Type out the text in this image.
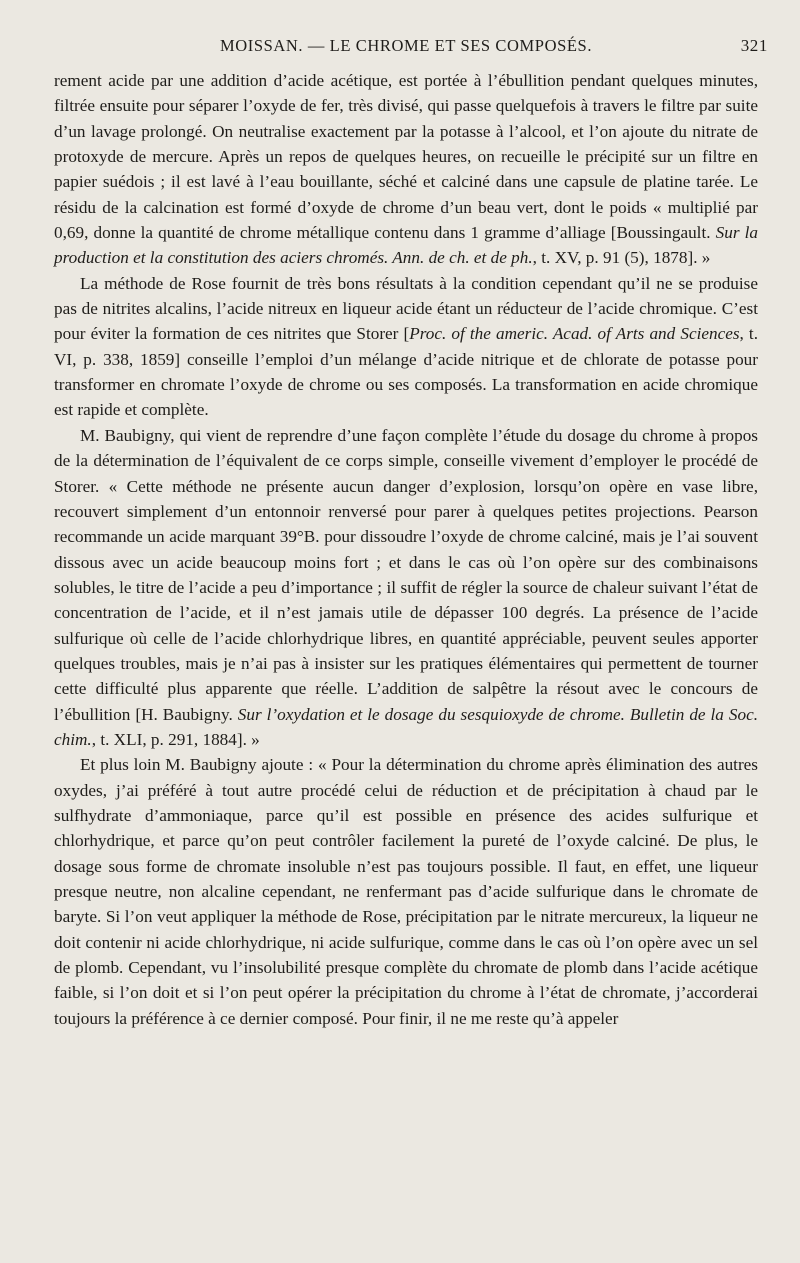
MOISSAN. — LE CHROME ET SES COMPOSÉS.	321

rement acide par une addition d’acide acétique, est portée à l’ébullition pendant quelques minutes, filtrée ensuite pour séparer l’oxyde de fer, très divisé, qui passe quelquefois à travers le filtre par suite d’un lavage prolongé. On neutralise exactement par la potasse à l’alcool, et l’on ajoute du nitrate de protoxyde de mercure. Après un repos de quelques heures, on recueille le précipité sur un filtre en papier suédois ; il est lavé à l’eau bouillante, séché et calciné dans une capsule de platine tarée. Le résidu de la calcination est formé d’oxyde de chrome d’un beau vert, dont le poids « multiplié par 0,69, donne la quantité de chrome métallique contenu dans 1 gramme d’alliage [Boussingault. Sur la production et la constitution des aciers chromés. Ann. de ch. et de ph., t. XV, p. 91 (5), 1878]. »

La méthode de Rose fournit de très bons résultats à la condition cependant qu’il ne se produise pas de nitrites alcalins, l’acide nitreux en liqueur acide étant un réducteur de l’acide chromique. C’est pour éviter la formation de ces nitrites que Storer [Proc. of the americ. Acad. of Arts and Sciences, t. VI, p. 338, 1859] conseille l’emploi d’un mélange d’acide nitrique et de chlorate de potasse pour transformer en chromate l’oxyde de chrome ou ses composés. La transformation en acide chromique est rapide et complète.

M. Baubigny, qui vient de reprendre d’une façon complète l’étude du dosage du chrome à propos de la détermination de l’équivalent de ce corps simple, conseille vivement d’employer le procédé de Storer. « Cette méthode ne présente aucun danger d’explosion, lorsqu’on opère en vase libre, recouvert simplement d’un entonnoir renversé pour parer à quelques petites projections. Pearson recommande un acide marquant 39°B. pour dissoudre l’oxyde de chrome calciné, mais je l’ai souvent dissous avec un acide beaucoup moins fort ; et dans le cas où l’on opère sur des combinaisons solubles, le titre de l’acide a peu d’importance ; il suffit de régler la source de chaleur suivant l’état de concentration de l’acide, et il n’est jamais utile de dépasser 100 degrés. La présence de l’acide sulfurique où celle de l’acide chlorhydrique libres, en quantité appréciable, peuvent seules apporter quelques troubles, mais je n’ai pas à insister sur les pratiques élémentaires qui permettent de tourner cette difficulté plus apparente que réelle. L’addition de salpêtre la résout avec le concours de l’ébullition [H. Baubigny. Sur l’oxydation et le dosage du sesquioxyde de chrome. Bulletin de la Soc. chim., t. XLI, p. 291, 1884]. »

Et plus loin M. Baubigny ajoute : « Pour la détermination du chrome après élimination des autres oxydes, j’ai préféré à tout autre procédé celui de réduction et de précipitation à chaud par le sulfhydrate d’ammoniaque, parce qu’il est possible en présence des acides sulfurique et chlorhydrique, et parce qu’on peut contrôler facilement la pureté de l’oxyde calciné. De plus, le dosage sous forme de chromate insoluble n’est pas toujours possible. Il faut, en effet, une liqueur presque neutre, non alcaline cependant, ne renfermant pas d’acide sulfurique dans le chromate de baryte. Si l’on veut appliquer la méthode de Rose, précipitation par le nitrate mercureux, la liqueur ne doit contenir ni acide chlorhydrique, ni acide sulfurique, comme dans le cas où l’on opère avec un sel de plomb. Cependant, vu l’insolubilité presque complète du chromate de plomb dans l’acide acétique faible, si l’on doit et si l’on peut opérer la précipitation du chrome à l’état de chromate, j’accorderai toujours la préférence à ce dernier composé. Pour finir, il ne me reste qu’à appeler
